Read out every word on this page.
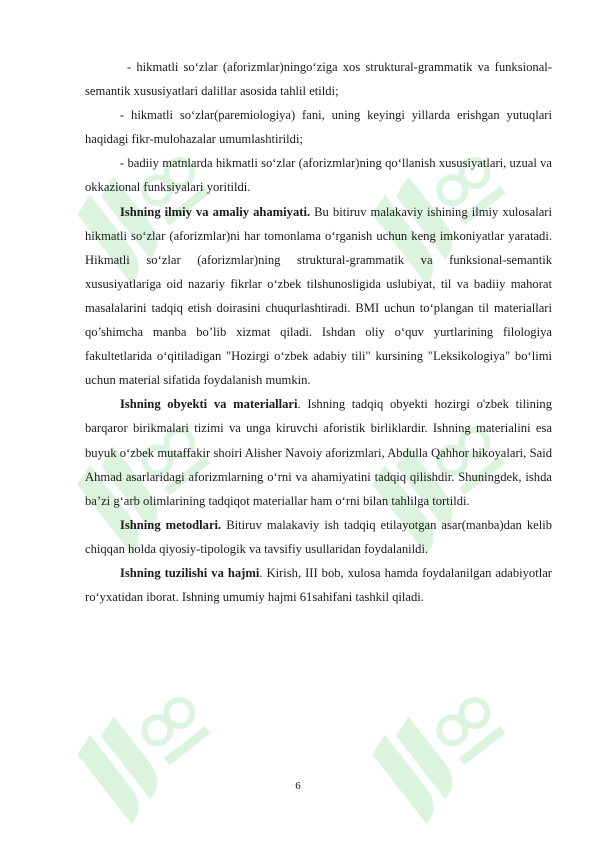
- hikmatli so‘zlar (aforizmlar)ningo‘ziga xos struktural-grammatik va funksional-semantik xususiyatlari dalillar asosida tahlil etildi;

- hikmatli so‘zlar(paremiologiya) fani, uning keyingi yillarda erishgan yutuqlari haqidagi fikr-mulohazalar umumlashtirildi;

- badiiy matnlarda hikmatli so‘zlar (aforizmlar)ning qo‘llanish xususiyatlari, uzual va okkazional funksiyalari yoritildi.

Ishning ilmiy va amaliy ahamiyati. Bu bitiruv malakaviy ishining ilmiy xulosalari hikmatli so‘zlar (aforizmlar)ni har tomonlama o‘rganish uchun keng imkoniyatlar yaratadi. Hikmatli so‘zlar (aforizmlar)ning struktural-grammatik va funksional-semantik xususiyatlariga oid nazariy fikrlar o‘zbek tilshunosligida uslubiyat, til va badiiy mahorat masalalarini tadqiq etish doirasini chuqurlashtiradi. BMI uchun to‘plangan til materiallari qo’shimcha manba bo’lib xizmat qiladi. Ishdan oliy o‘quv yurtlarining filologiya fakultetlarida o‘qitiladigan "Hozirgi o‘zbek adabiy tili" kursining "Leksikologiya" bo‘limi uchun material sifatida foydalanish mumkin.

Ishning obyekti va materiallari. Ishning tadqiq obyekti hozirgi o'zbek tilining barqaror birikmalari tizimi va unga kiruvchi aforistik birliklardir. Ishning materialini esa buyuk o‘zbek mutaffakir shoiri Alisher Navoiy aforizmlari, Abdulla Qahhor hikoyalari, Said Ahmad asarlaridagi aforizmlarning o‘rni va ahamiyatini tadqiq qilishdir. Shuningdek, ishda ba’zi g‘arb olimlarining tadqiqot materiallar ham o‘rni bilan tahlilga tortildi.

Ishning metodlari. Bitiruv malakaviy ish tadqiq etilayotgan asar(manba)dan kelib chiqqan holda qiyosiy-tipologik va tavsifiy usullaridan foydalanildi.

Ishning tuzilishi va hajmi. Kirish, III bob, xulosa hamda foydalanilgan adabiyotlar ro‘yxatidan iborat. Ishning umumiy hajmi 61sahifani tashkil qiladi.

6
